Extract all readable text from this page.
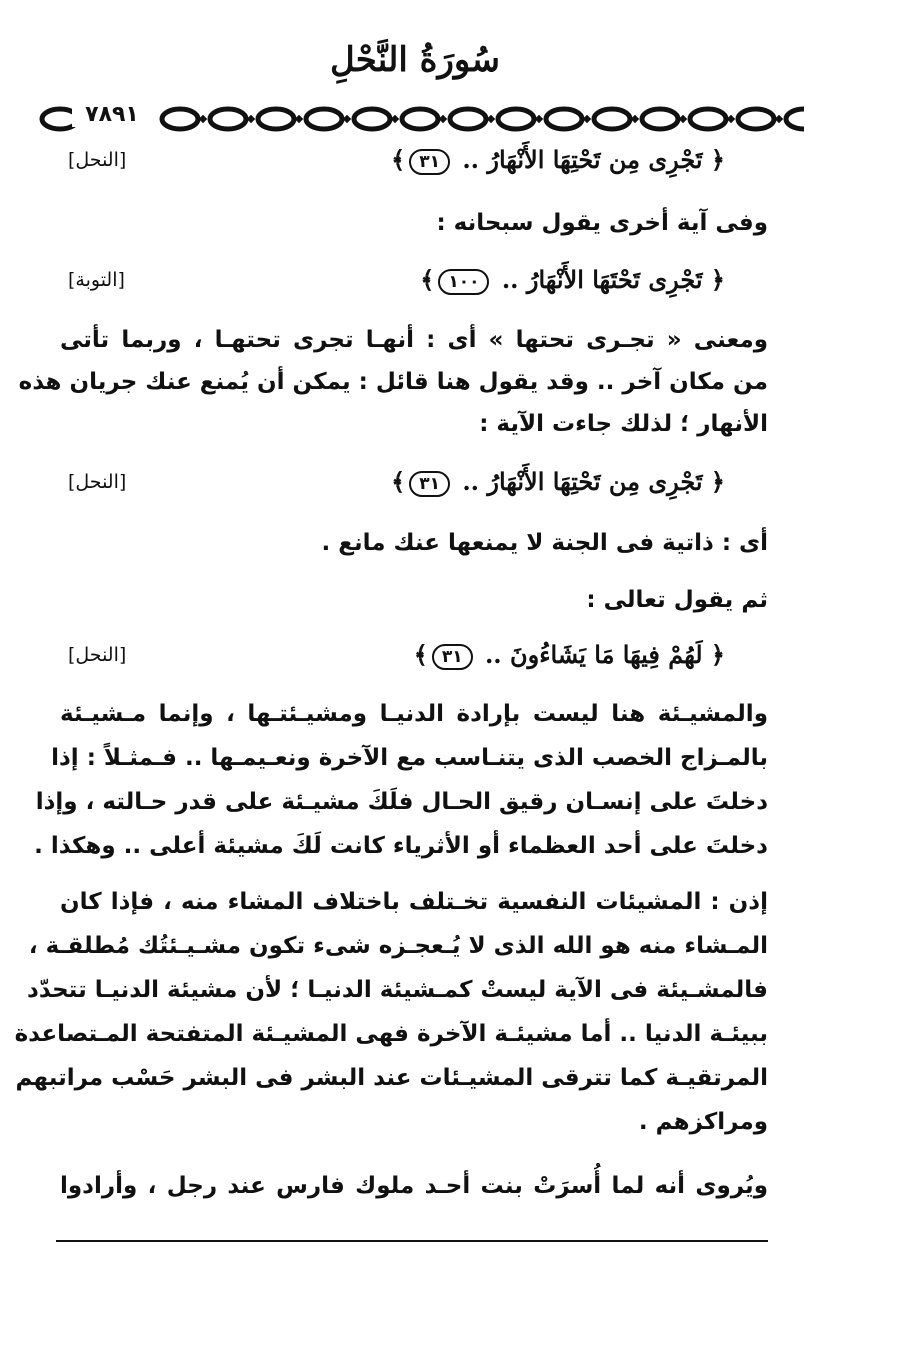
سُورَةُ النَّحْلِ
٧٨٩١
﴿ تَجْرِى مِن تَحْتِهَا الأَنْهَارُ .. ٣١﴾
[النحل]
وفى آية أخرى يقول سبحانه :
﴿ تَجْرِى تَحْتَهَا الأَنْهَارُ .. ١٠٠﴾
[التوبة]
ومعنى « تجـرى تحتها » أى : أنهـا تجرى تحتهـا ، وربما تأتى
من مكان آخر .. وقد يقول هنا قائل : يمكن أن يُمنع عنك جريان هذه
الأنهار ؛ لذلك جاءت الآية :
﴿ تَجْرِى مِن تَحْتِهَا الأَنْهَارُ .. ٣١﴾
[النحل]
أى : ذاتية فى الجنة لا يمنعها عنك مانع .
ثم يقول تعالى :
﴿ لَهُمْ فِيهَا مَا يَشَاءُونَ .. ٣١﴾
[النحل]
والمشيـئة هنا ليست بإرادة الدنيـا ومشيـئتـها ، وإنما مـشيـئة
بالمـزاج الخصب الذى يتنـاسب مع الآخرة ونعـيمـها .. فـمثـلاً : إذا
دخلتَ على إنسـان رقيق الحـال فلَكَ مشيـئة على قدر حـالته ، وإذا
دخلتَ على أحد العظماء أو الأثرياء كانت لَكَ مشيئة أعلى .. وهكذا .
إذن : المشيئات النفسية تخـتلف باختلاف المشاء منه ، فإذا كان
المـشاء منه هو الله الذى لا يُـعجـزه شىء تكون مشـيـئتُك مُطلقـة ،
فالمشـيئة فى الآية ليستْ كمـشيئة الدنيـا ؛ لأن مشيئة الدنيـا تتحدّد
ببيئـة الدنيا .. أما مشيئـة الآخرة فهى المشيـئة المتفتحة المـتصاعدة
المرتقيـة كما تترقى المشيـئات عند البشر فى البشر حَسْب مراتبهم
ومراكزهم .
ويُروى أنه لما أُسرَتْ بنت أحـد ملوك فارس عند رجل ، وأرادوا
